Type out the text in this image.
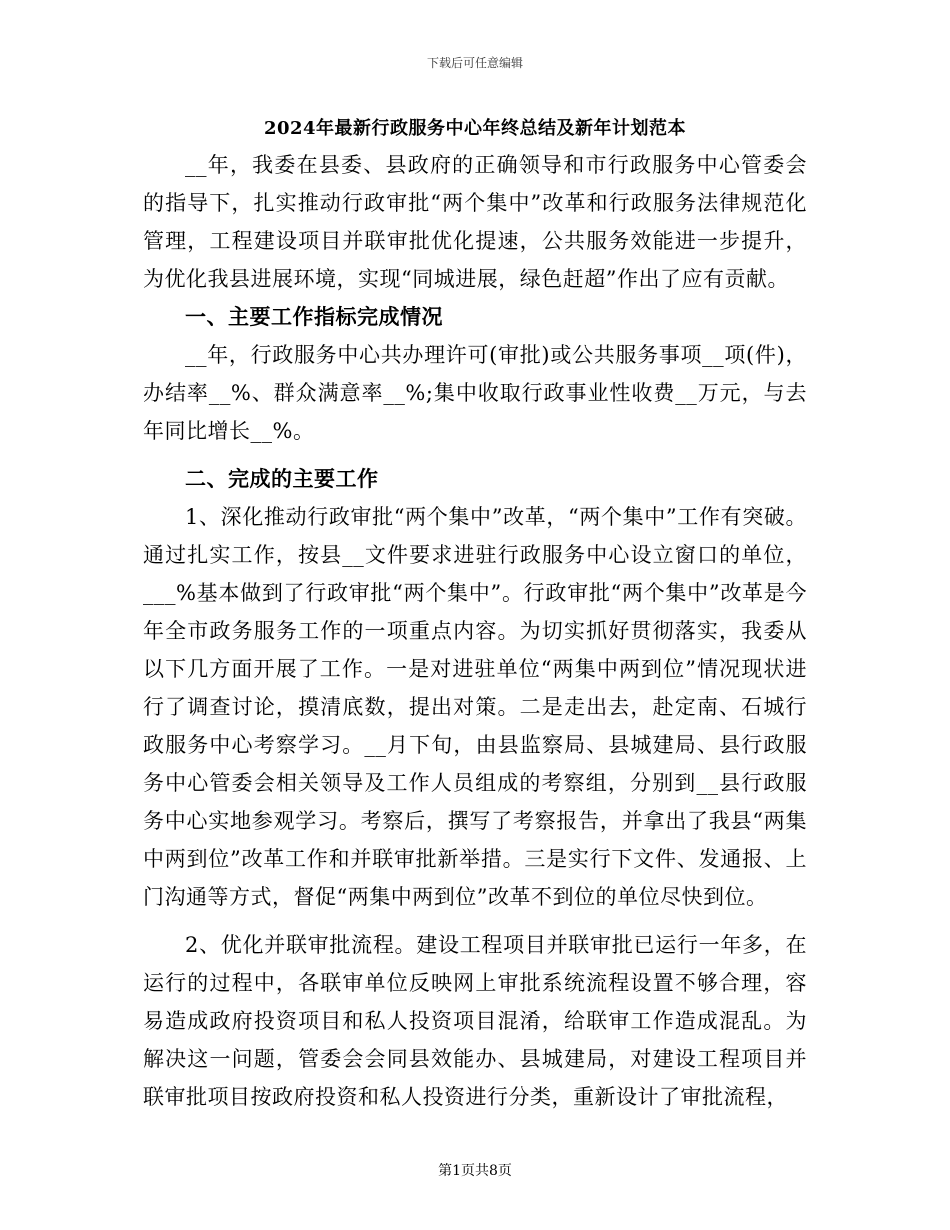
下载后可任意编辑
2024年最新行政服务中心年终总结及新年计划范本

__年，我委在县委、县政府的正确领导和市行政服务中心管委会的指导下，扎实推动行政审批“两个集中”改革和行政服务法律规范化管理，工程建设项目并联审批优化提速，公共服务效能进一步提升，为优化我县进展环境，实现“同城进展，绿色赶超”作出了应有贡献。

一、主要工作指标完成情况

__年，行政服务中心共办理许可(审批)或公共服务事项__项(件)，办结率__%、群众满意率__%;集中收取行政事业性收费__万元，与去年同比增长__%。

二、完成的主要工作

1、深化推动行政审批“两个集中”改革，“两个集中”工作有突破。通过扎实工作，按县__文件要求进驻行政服务中心设立窗口的单位，___%基本做到了行政审批“两个集中”。行政审批“两个集中”改革是今年全市政务服务工作的一项重点内容。为切实抓好贯彻落实，我委从以下几方面开展了工作。一是对进驻单位“两集中两到位”情况现状进行了调查讨论，摸清底数，提出对策。二是走出去，赴定南、石城行政服务中心考察学习。__月下旬，由县监察局、县城建局、县行政服务中心管委会相关领导及工作人员组成的考察组，分别到__县行政服务中心实地参观学习。考察后，撰写了考察报告，并拿出了我县“两集中两到位”改革工作和并联审批新举措。三是实行下文件、发通报、上门沟通等方式，督促“两集中两到位”改革不到位的单位尽快到位。

2、优化并联审批流程。建设工程项目并联审批已运行一年多，在运行的过程中，各联审单位反映网上审批系统流程设置不够合理，容易造成政府投资项目和私人投资项目混淆，给联审工作造成混乱。为解决这一问题，管委会会同县效能办、县城建局，对建设工程项目并联审批项目按政府投资和私人投资进行分类，重新设计了审批流程，

第1页共8页
